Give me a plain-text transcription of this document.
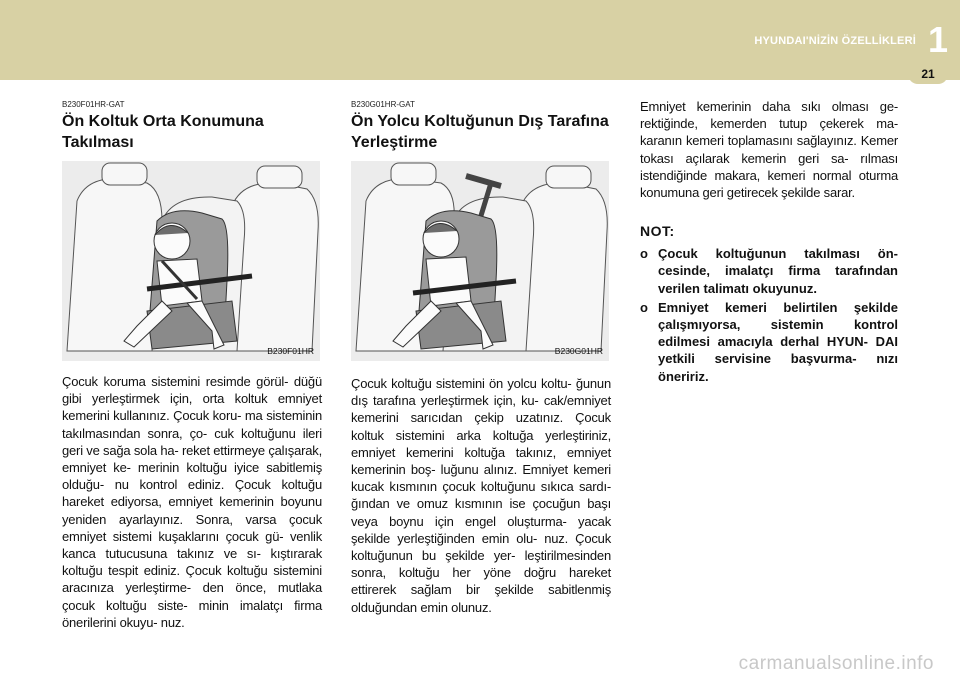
HYUNDAI'NİZİN ÖZELLİKLERİ 1
21
B230F01HR-GAT
Ön Koltuk Orta Konumuna Takılması
B230F01HR

Çocuk koruma sistemini resimde görül- düğü gibi yerleştirmek için, orta koltuk emniyet kemerini kullanınız. Çocuk koru- ma sisteminin takılmasından sonra, ço- cuk koltuğunu ileri geri ve sağa sola ha- reket ettirmeye çalışarak, emniyet ke- merinin koltuğu iyice sabitlemiş olduğu- nu kontrol ediniz. Çocuk koltuğu hareket ediyorsa, emniyet kemerinin boyunu yeniden ayarlayınız. Sonra, varsa çocuk emniyet sistemi kuşaklarını çocuk gü- venlik kanca tutucusuna takınız ve sı- kıştırarak koltuğu tespit ediniz. Çocuk koltuğu sistemini aracınıza yerleştirme- den önce, mutlaka çocuk koltuğu siste- minin imalatçı firma önerilerini okuyu- nuz.

B230G01HR-GAT
Ön Yolcu Koltuğunun Dış Tarafına Yerleştirme
B230G01HR

Çocuk koltuğu sistemini ön yolcu koltu- ğunun dış tarafına yerleştirmek için, ku- cak/emniyet kemerini sarıcıdan çekip uzatınız. Çocuk koltuk sistemini arka koltuğa yerleştiriniz, emniyet kemerini koltuğa takınız, emniyet kemerinin boş- luğunu alınız. Emniyet kemeri kucak kısmının çocuk koltuğunu sıkıca sardı- ğından ve omuz kısmının ise çocuğun başı veya boynu için engel oluşturma- yacak şekilde yerleştiğinden emin olu- nuz. Çocuk koltuğunun bu şekilde yer- leştirilmesinden sonra, koltuğu her yöne doğru hareket ettirerek sağlam bir şekilde sabitlenmiş olduğundan emin olunuz.

Emniyet kemerinin daha sıkı olması ge- rektiğinde, kemerden tutup çekerek ma- karanın kemeri toplamasını sağlayınız. Kemer tokası açılarak kemerin geri sa- rılması istendiğinde makara, kemeri normal oturma konumuna geri getirecek şekilde sarar.

NOT:
o Çocuk koltuğunun takılması ön- cesinde, imalatçı firma tarafından verilen talimatı okuyunuz.
o Emniyet kemeri belirtilen şekilde çalışmıyorsa, sistemin kontrol edilmesi amacıyla derhal HYUN- DAI yetkili servisine başvurma- nızı öneririz.
carmanualsonline.info
